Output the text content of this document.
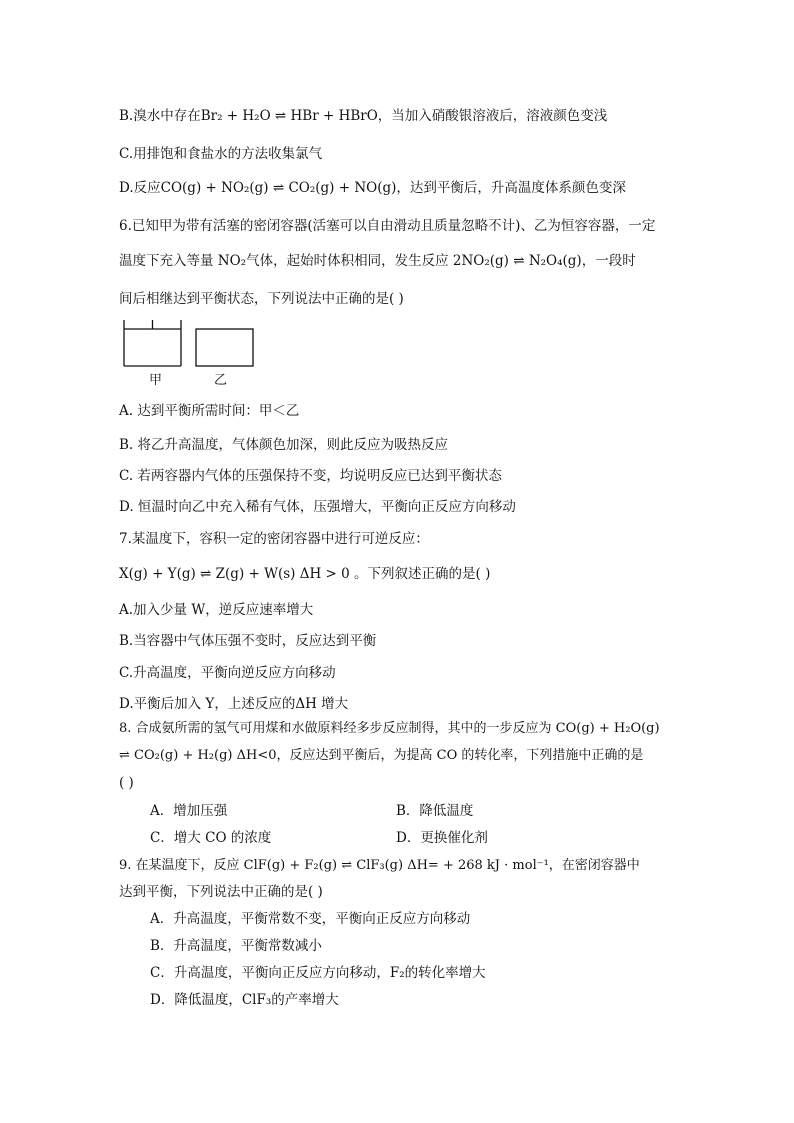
B.溴水中存在Br₂ + H₂O ⇌ HBr + HBrO，当加入硝酸银溶液后，溶液颜色变浅
C.用排饱和食盐水的方法收集氯气
D.反应CO(g) + NO₂(g) ⇌ CO₂(g) + NO(g)，达到平衡后，升高温度体系颜色变深
6.已知甲为带有活塞的密闭容器(活塞可以自由滑动且质量忽略不计)、乙为恒容容器，一定
温度下充入等量 NO₂气体，起始时体积相同，发生反应 2NO₂(g) ⇌ N₂O₄(g)，一段时
间后相继达到平衡状态，下列说法中正确的是( )
甲	乙
A. 达到平衡所需时间：甲＜乙
B. 将乙升高温度，气体颜色加深，则此反应为吸热反应
C. 若两容器内气体的压强保持不变，均说明反应已达到平衡状态
D. 恒温时向乙中充入稀有气体，压强增大，平衡向正反应方向移动
7.某温度下，容积一定的密闭容器中进行可逆反应：
X(g) + Y(g) ⇌ Z(g) + W(s) ΔH > 0 。下列叙述正确的是( )
A.加入少量 W，逆反应速率增大
B.当容器中气体压强不变时，反应达到平衡
C.升高温度，平衡向逆反应方向移动
D.平衡后加入 Y，上述反应的ΔH 增大
8. 合成氨所需的氢气可用煤和水做原料经多步反应制得，其中的一步反应为 CO(g) + H₂O(g)
⇌ CO₂(g) + H₂(g) ΔH<0，反应达到平衡后，为提高 CO 的转化率，下列措施中正确的是
( )
A．增加压强	B．降低温度
C．增大 CO 的浓度	D．更换催化剂
9. 在某温度下，反应 ClF(g) + F₂(g) ⇌ ClF₃(g) ΔH= + 268 kJ · mol⁻¹，在密闭容器中
达到平衡，下列说法中正确的是( )
A．升高温度，平衡常数不变，平衡向正反应方向移动
B．升高温度，平衡常数减小
C．升高温度，平衡向正反应方向移动，F₂的转化率增大
D．降低温度，ClF₃的产率增大
